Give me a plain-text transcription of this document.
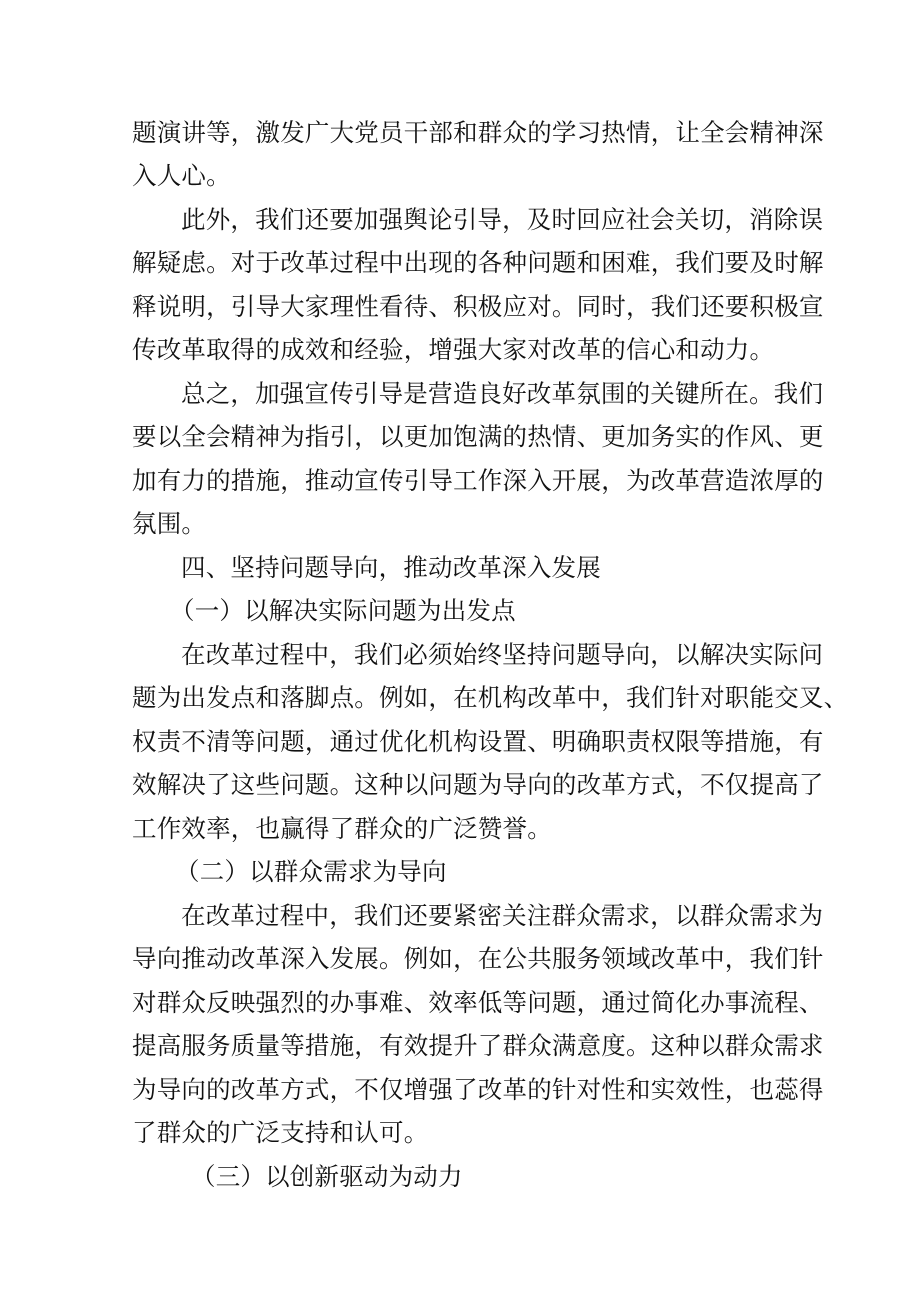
题演讲等，激发广大党员干部和群众的学习热情，让全会精神深
入人心。
此外，我们还要加强舆论引导，及时回应社会关切，消除误
解疑虑。对于改革过程中出现的各种问题和困难，我们要及时解
释说明，引导大家理性看待、积极应对。同时，我们还要积极宣
传改革取得的成效和经验，增强大家对改革的信心和动力。
总之，加强宣传引导是营造良好改革氛围的关键所在。我们
要以全会精神为指引，以更加饱满的热情、更加务实的作风、更
加有力的措施，推动宣传引导工作深入开展，为改革营造浓厚的
氛围。
四、坚持问题导向，推动改革深入发展
（一）以解决实际问题为出发点
在改革过程中，我们必须始终坚持问题导向，以解决实际问
题为出发点和落脚点。例如，在机构改革中，我们针对职能交叉、
权责不清等问题，通过优化机构设置、明确职责权限等措施，有
效解决了这些问题。这种以问题为导向的改革方式，不仅提高了
工作效率，也赢得了群众的广泛赞誉。
（二）以群众需求为导向
在改革过程中，我们还要紧密关注群众需求，以群众需求为
导向推动改革深入发展。例如，在公共服务领域改革中，我们针
对群众反映强烈的办事难、效率低等问题，通过简化办事流程、
提高服务质量等措施，有效提升了群众满意度。这种以群众需求
为导向的改革方式，不仅增强了改革的针对性和实效性，也蕊得
了群众的广泛支持和认可。
（三）以创新驱动为动力
